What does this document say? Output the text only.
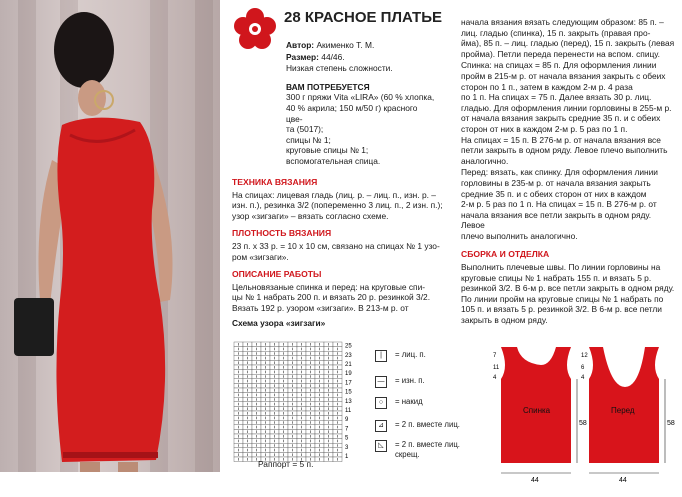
28 КРАСНОЕ ПЛАТЬЕ

Автор: Акименко Т. М.

Размер: 44/46.

Низкая степень сложности.

ВАМ ПОТРЕБУЕТСЯ
300 г пряжи Vita «LIRA» (60 % хлопка,
40 % акрила; 150 м/50 г) красного цве-
та (5017);
спицы № 1;
круговые спицы № 1;
вспомогательная спица.
ТЕХНИКА ВЯЗАНИЯ
На спицах: лицевая гладь (лиц. р. – лиц. п., изн. р. –
изн. п.), резинка 3/2 (попеременно 3 лиц. п., 2 изн. п.);
узор «зигзаги» – вязать согласно схеме.
ПЛОТНОСТЬ ВЯЗАНИЯ
23 п. х 33 р. = 10 х 10 см, связано на спицах № 1 узо-
ром «зигзаги».
ОПИСАНИЕ РАБОТЫ
Цельновязаные спинка и перед: на круговые спи-
цы № 1 набрать 200 п. и вязать 20 р. резинкой 3/2.
Вязать 192 р. узором «зигзаги». В 213-м р. от
Схема узора «зигзаги»
25
23
21
19
17
15
13
11
9
7
5
3
1
Раппорт = 5 п.
|	= лиц. п.
—	= изн. п.
○	= накид
⊿	= 2 п. вместе лиц.
◺	= 2 п. вместе лиц. скрещ.
начала вязания вязать следующим образом: 85 п. –
лиц. гладью (спинка), 15 п. закрыть (правая про-
йма), 85 п. – лиц. гладью (перед), 15 п. закрыть (левая
пройма). Петли переда перенести на вспом. спицу.
Спинка: на спицах = 85 п. Для оформления линии
пройм в 215-м р. от начала вязания закрыть с обеих
сторон по 1 п., затем в каждом 2-м р. 4 раза
по 1 п. На спицах = 75 п. Далее вязать 30 р. лиц.
гладью. Для оформления линии горловины в 255-м р.
от начала вязания закрыть средние 35 п. и с обеих
сторон от них в каждом 2-м р. 5 раз по 1 п.
На спицах = 15 п. В 276-м р. от начала вязания все
петли закрыть в одном ряду. Левое плечо выполнить
аналогично.
Перед: вязать, как спинку. Для оформления линии
горловины в 235-м р. от начала вязания закрыть
средние 35 п. и с обеих сторон от них в каждом
2-м р. 5 раз по 1 п. На спицах = 15 п. В 276-м р. от
начала вязания все петли закрыть в одном ряду. Левое
плечо выполнить аналогично.
СБОРКА И ОТДЕЛКА
Выполнить плечевые швы. По линии горловины на
круговые спицы № 1 набрать 155 п. и вязать 5 р.
резинкой 3/2. В 6-м р. все петли закрыть в одном ряду.
По линии пройм на круговые спицы № 1 набрать по
105 п. и вязать 5 р. резинкой 3/2. В 6-м р. все петли
закрыть в одном ряду.
Спинка	Перед
44	44
58	58
7
11
4
12
6
4
